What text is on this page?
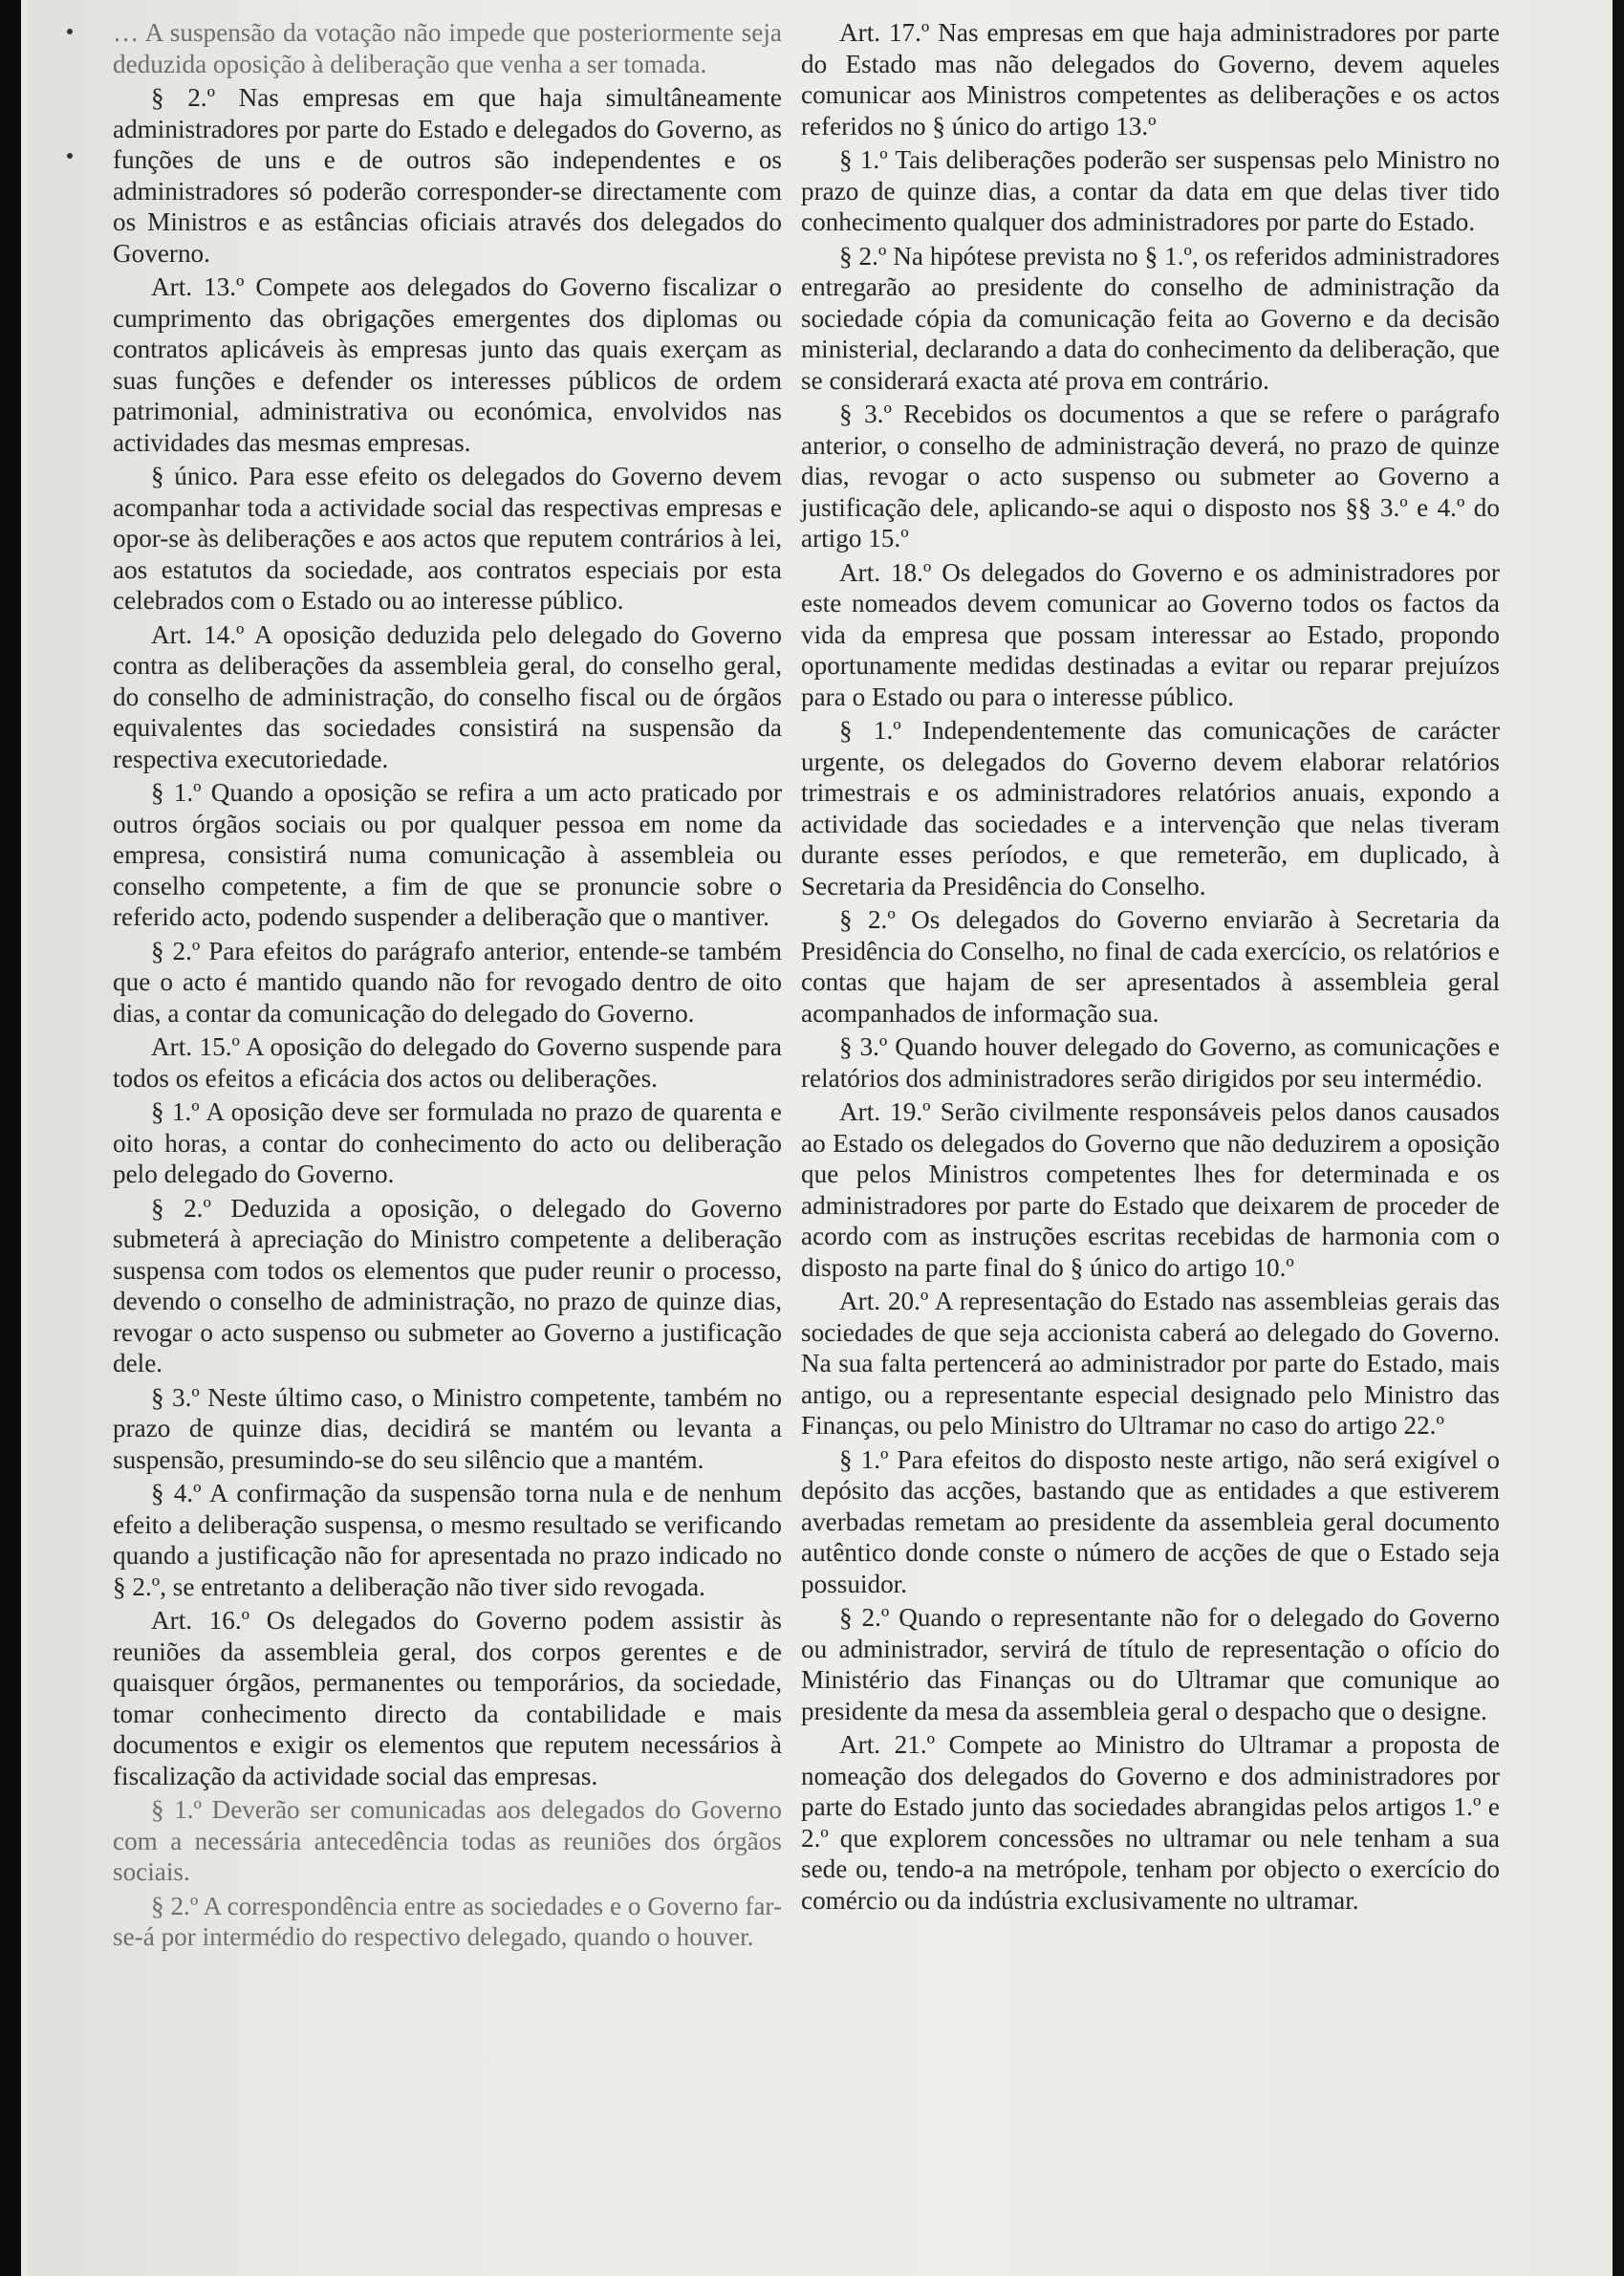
… A suspensão da votação não impede que posteriormente seja deduzida oposição à deliberação que venha a ser tomada.

§ 2.º Nas empresas em que haja simultâneamente administradores por parte do Estado e delegados do Governo, as funções de uns e de outros são independentes e os administradores só poderão corresponder-se directamente com os Ministros e as estâncias oficiais através dos delegados do Governo.

Art. 13.º Compete aos delegados do Governo fiscalizar o cumprimento das obrigações emergentes dos diplomas ou contratos aplicáveis às empresas junto das quais exerçam as suas funções e defender os interesses públicos de ordem patrimonial, administrativa ou económica, envolvidos nas actividades das mesmas empresas.

§ único. Para esse efeito os delegados do Governo devem acompanhar toda a actividade social das respectivas empresas e opor-se às deliberações e aos actos que reputem contrários à lei, aos estatutos da sociedade, aos contratos especiais por esta celebrados com o Estado ou ao interesse público.

Art. 14.º A oposição deduzida pelo delegado do Governo contra as deliberações da assembleia geral, do conselho geral, do conselho de administração, do conselho fiscal ou de órgãos equivalentes das sociedades consistirá na suspensão da respectiva executoriedade.

§ 1.º Quando a oposição se refira a um acto praticado por outros órgãos sociais ou por qualquer pessoa em nome da empresa, consistirá numa comunicação à assembleia ou conselho competente, a fim de que se pronuncie sobre o referido acto, podendo suspender a deliberação que o mantiver.

§ 2.º Para efeitos do parágrafo anterior, entende-se também que o acto é mantido quando não for revogado dentro de oito dias, a contar da comunicação do delegado do Governo.

Art. 15.º A oposição do delegado do Governo suspende para todos os efeitos a eficácia dos actos ou deliberações.

§ 1.º A oposição deve ser formulada no prazo de quarenta e oito horas, a contar do conhecimento do acto ou deliberação pelo delegado do Governo.

§ 2.º Deduzida a oposição, o delegado do Governo submeterá à apreciação do Ministro competente a deliberação suspensa com todos os elementos que puder reunir o processo, devendo o conselho de administração, no prazo de quinze dias, revogar o acto suspenso ou submeter ao Governo a justificação dele.

§ 3.º Neste último caso, o Ministro competente, também no prazo de quinze dias, decidirá se mantém ou levanta a suspensão, presumindo-se do seu silêncio que a mantém.

§ 4.º A confirmação da suspensão torna nula e de nenhum efeito a deliberação suspensa, o mesmo resultado se verificando quando a justificação não for apresentada no prazo indicado no § 2.º, se entretanto a deliberação não tiver sido revogada.

Art. 16.º Os delegados do Governo podem assistir às reuniões da assembleia geral, dos corpos gerentes e de quaisquer órgãos, permanentes ou temporários, da sociedade, tomar conhecimento directo da contabilidade e mais documentos e exigir os elementos que reputem necessários à fiscalização da actividade social das empresas.

§ 1.º Deverão ser comunicadas aos delegados do Governo com a necessária antecedência todas as reuniões dos órgãos sociais.

§ 2.º A correspondência entre as sociedades e o Governo far-se-á por intermédio do respectivo delegado, quando o houver.

Art. 17.º Nas empresas em que haja administradores por parte do Estado mas não delegados do Governo, devem aqueles comunicar aos Ministros competentes as deliberações e os actos referidos no § único do artigo 13.º

§ 1.º Tais deliberações poderão ser suspensas pelo Ministro no prazo de quinze dias, a contar da data em que delas tiver tido conhecimento qualquer dos administradores por parte do Estado.

§ 2.º Na hipótese prevista no § 1.º, os referidos administradores entregarão ao presidente do conselho de administração da sociedade cópia da comunicação feita ao Governo e da decisão ministerial, declarando a data do conhecimento da deliberação, que se considerará exacta até prova em contrário.

§ 3.º Recebidos os documentos a que se refere o parágrafo anterior, o conselho de administração deverá, no prazo de quinze dias, revogar o acto suspenso ou submeter ao Governo a justificação dele, aplicando-se aqui o disposto nos §§ 3.º e 4.º do artigo 15.º

Art. 18.º Os delegados do Governo e os administradores por este nomeados devem comunicar ao Governo todos os factos da vida da empresa que possam interessar ao Estado, propondo oportunamente medidas destinadas a evitar ou reparar prejuízos para o Estado ou para o interesse público.

§ 1.º Independentemente das comunicações de carácter urgente, os delegados do Governo devem elaborar relatórios trimestrais e os administradores relatórios anuais, expondo a actividade das sociedades e a intervenção que nelas tiveram durante esses períodos, e que remeterão, em duplicado, à Secretaria da Presidência do Conselho.

§ 2.º Os delegados do Governo enviarão à Secretaria da Presidência do Conselho, no final de cada exercício, os relatórios e contas que hajam de ser apresentados à assembleia geral acompanhados de informação sua.

§ 3.º Quando houver delegado do Governo, as comunicações e relatórios dos administradores serão dirigidos por seu intermédio.

Art. 19.º Serão civilmente responsáveis pelos danos causados ao Estado os delegados do Governo que não deduzirem a oposição que pelos Ministros competentes lhes for determinada e os administradores por parte do Estado que deixarem de proceder de acordo com as instruções escritas recebidas de harmonia com o disposto na parte final do § único do artigo 10.º

Art. 20.º A representação do Estado nas assembleias gerais das sociedades de que seja accionista caberá ao delegado do Governo. Na sua falta pertencerá ao administrador por parte do Estado, mais antigo, ou a representante especial designado pelo Ministro das Finanças, ou pelo Ministro do Ultramar no caso do artigo 22.º

§ 1.º Para efeitos do disposto neste artigo, não será exigível o depósito das acções, bastando que as entidades a que estiverem averbadas remetam ao presidente da assembleia geral documento autêntico donde conste o número de acções de que o Estado seja possuidor.

§ 2.º Quando o representante não for o delegado do Governo ou administrador, servirá de título de representação o ofício do Ministério das Finanças ou do Ultramar que comunique ao presidente da mesa da assembleia geral o despacho que o designe.

Art. 21.º Compete ao Ministro do Ultramar a proposta de nomeação dos delegados do Governo e dos administradores por parte do Estado junto das sociedades abrangidas pelos artigos 1.º e 2.º que explorem concessões no ultramar ou nele tenham a sua sede ou, tendo-a na metrópole, tenham por objecto o exercício do comércio ou da indústria exclusivamente no ultramar.
